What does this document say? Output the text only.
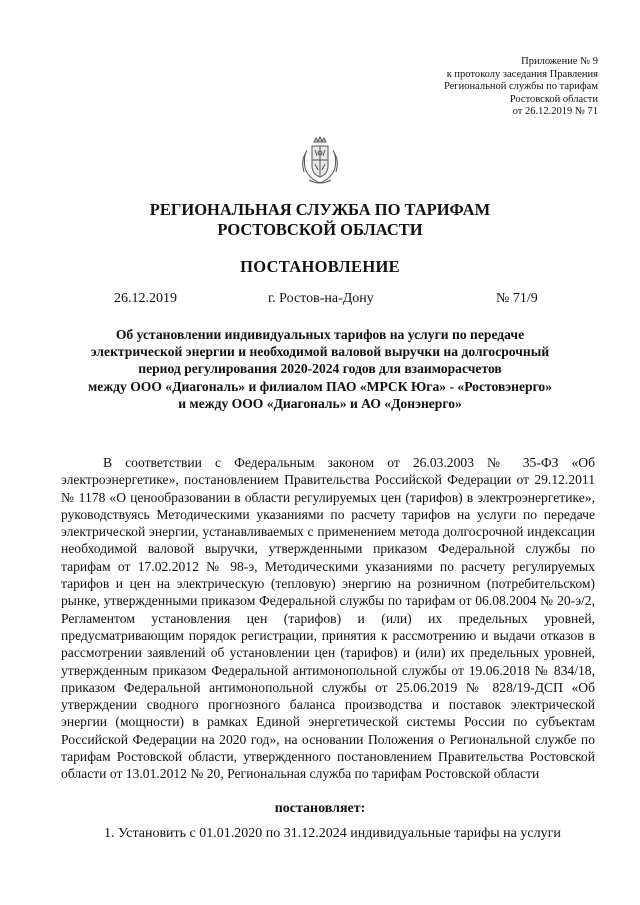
Приложение № 9
к протоколу заседания Правления
Региональной службы по тарифам
Ростовской области
от 26.12.2019 № 71
РЕГИОНАЛЬНАЯ СЛУЖБА ПО ТАРИФАМ
РОСТОВСКОЙ ОБЛАСТИ
ПОСТАНОВЛЕНИЕ
26.12.2019	г. Ростов-на-Дону	№ 71/9
Об установлении индивидуальных тарифов на услуги по передаче
электрической энергии и необходимой валовой выручки на долгосрочный
период регулирования 2020-2024 годов для взаиморасчетов
между ООО «Диагональ» и филиалом ПАО «МРСК Юга» - «Ростовэнерго»
и между ООО «Диагональ» и АО «Донэнерго»

В соответствии с Федеральным законом от 26.03.2003 № 35-ФЗ «Об электроэнергетике», постановлением Правительства Российской Федерации от 29.12.2011 № 1178 «О ценообразовании в области регулируемых цен (тарифов) в электроэнергетике», руководствуясь Методическими указаниями по расчету тарифов на услуги по передаче электрической энергии, устанавливаемых с применением метода долгосрочной индексации необходимой валовой выручки, утвержденными приказом Федеральной службы по тарифам от 17.02.2012 № 98-э, Методическими указаниями по расчету регулируемых тарифов и цен на электрическую (тепловую) энергию на розничном (потребительском) рынке, утвержденными приказом Федеральной службы по тарифам от 06.08.2004 № 20-э/2, Регламентом установления цен (тарифов) и (или) их предельных уровней, предусматривающим порядок регистрации, принятия к рассмотрению и выдачи отказов в рассмотрении заявлений об установлении цен (тарифов) и (или) их предельных уровней, утвержденным приказом Федеральной антимонопольной службы от 19.06.2018 № 834/18, приказом Федеральной антимонопольной службы от 25.06.2019 № 828/19-ДСП «Об утверждении сводного прогнозного баланса производства и поставок электрической энергии (мощности) в рамках Единой энергетической системы России по субъектам Российской Федерации на 2020 год», на основании Положения о Региональной службе по тарифам Ростовской области, утвержденного постановлением Правительства Ростовской области от 13.01.2012 № 20, Региональная служба по тарифам Ростовской области

постановляет:
1. Установить с 01.01.2020 по 31.12.2024 индивидуальные тарифы на услуги
